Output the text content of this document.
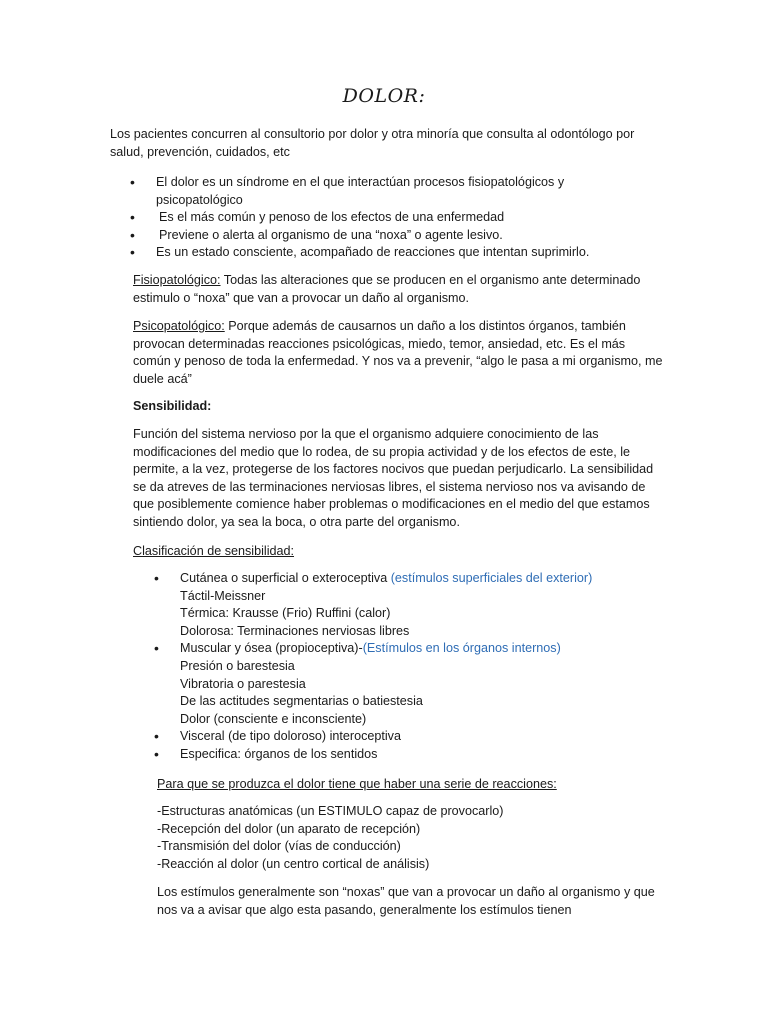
DOLOR:

Los pacientes concurren al consultorio por dolor y otra minoría que consulta al odontólogo por salud, prevención, cuidados, etc

• El dolor es un síndrome en el que interactúan procesos fisiopatológicos y psicopatológico
• Es el más común y penoso de los efectos de una enfermedad
• Previene o alerta al organismo de una “noxa” o agente lesivo.
• Es un estado consciente, acompañado de reacciones que intentan suprimirlo.

Fisiopatológico: Todas las alteraciones que se producen en el organismo ante determinado estimulo o “noxa” que van a provocar un daño al organismo.

Psicopatológico: Porque además de causarnos un daño a los distintos órganos, también provocan determinadas reacciones psicológicas, miedo, temor, ansiedad, etc. Es el más común y penoso de toda la enfermedad. Y nos va a prevenir, “algo le pasa a mi organismo, me duele acá”

Sensibilidad:

Función del sistema nervioso por la que el organismo adquiere conocimiento de las modificaciones del medio que lo rodea, de su propia actividad y de los efectos de este, le permite, a la vez, protegerse de los factores nocivos que puedan perjudicarlo. La sensibilidad se da atreves de las terminaciones nerviosas libres, el sistema nervioso nos va avisando de que posiblemente comience haber problemas o modificaciones en el medio del que estamos sintiendo dolor, ya sea la boca, o otra parte del organismo.

Clasificación de sensibilidad:

• Cutánea o superficial o exteroceptiva (estímulos superficiales del exterior)
Táctil-Meissner
Térmica: Krausse (Frio) Ruffini (calor)
Dolorosa: Terminaciones nerviosas libres
• Muscular y ósea (propioceptiva)-(Estímulos en los órganos internos)
Presión o barestesia
Vibratoria o parestesia
De las actitudes segmentarias o batiestesia
Dolor (consciente e inconsciente)
• Visceral (de tipo doloroso) interoceptiva
• Especifica: órganos de los sentidos

Para que se produzca el dolor tiene que haber una serie de reacciones:

-Estructuras anatómicas (un ESTIMULO capaz de provocarlo)
-Recepción del dolor (un aparato de recepción)
-Transmisión del dolor (vías de conducción)
-Reacción al dolor (un centro cortical de análisis)

Los estímulos generalmente son “noxas” que van a provocar un daño al organismo y que nos va a avisar que algo esta pasando, generalmente los estímulos tienen
